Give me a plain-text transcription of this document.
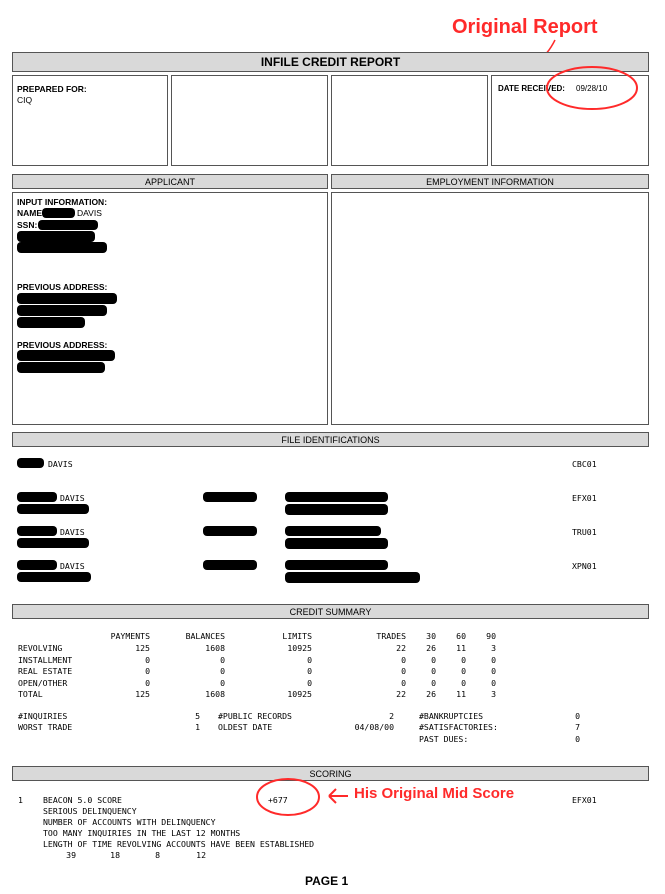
Original Report
INFILE CREDIT REPORT
PREPARED FOR:
CIQ
DATE RECEIVED: 09/28/10
APPLICANT	EMPLOYMENT INFORMATION
INPUT INFORMATION:
NAME	DAVIS
SSN:
PREVIOUS ADDRESS:
PREVIOUS ADDRESS:
FILE IDENTIFICATIONS
DAVIS	CBC01
DAVIS	EFX01
DAVIS	TRU01
DAVIS	XPN01
CREDIT SUMMARY
PAYMENTS	BALANCES	LIMITS	TRADES	30	60	90
REVOLVING	125	1608	10925	22	26	11	3
INSTALLMENT	0	0	0	0	0	0	0
REAL ESTATE	0	0	0	0	0	0	0
OPEN/OTHER	0	0	0	0	0	0	0
TOTAL	125	1608	10925	22	26	11	3
#INQUIRIES	5
WORST TRADE	1
#PUBLIC RECORDS	2
OLDEST DATE	04/08/00
#BANKRUPTCIES	0
#SATISFACTORIES:	7
PAST DUES:	0
SCORING
1 BEACON 5.0 SCORE	+677	EFX01
SERIOUS DELINQUENCY
NUMBER OF ACCOUNTS WITH DELINQUENCY
TOO MANY INQUIRIES IN THE LAST 12 MONTHS
LENGTH OF TIME REVOLVING ACCOUNTS HAVE BEEN ESTABLISHED
39	18	8	12
His Original Mid Score
PAGE 1
